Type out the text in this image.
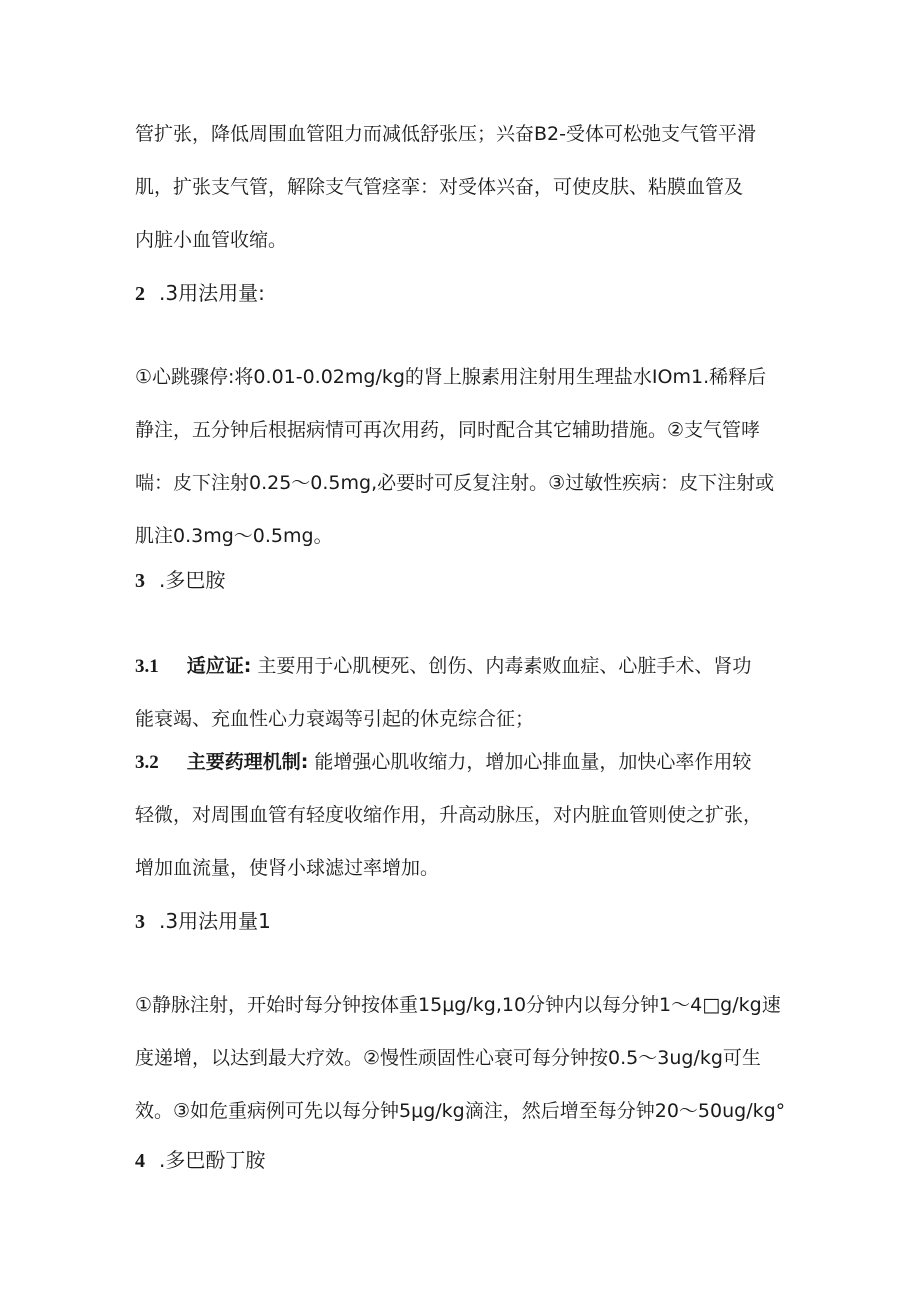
管扩张，降低周围血管阻力而减低舒张压；兴奋B2-受体可松弛支气管平滑
肌，扩张支气管，解除支气管痉挛：对受体兴奋，可使皮肤、粘膜血管及
内脏小血管收缩。
2 .3用法用量:
①心跳骤停:将0.01-0.02mg/kg的肾上腺素用注射用生理盐水IOm1.稀释后
静注，五分钟后根据病情可再次用药，同时配合其它辅助措施。②支气管哮
喘：皮下注射0.25〜0.5mg,必要时可反复注射。③过敏性疾病：皮下注射或
肌注0.3mg〜0.5mg。
3 .多巴胺
3.1 适应证: 主要用于心肌梗死、创伤、内毒素败血症、心脏手术、肾功
能衰竭、充血性心力衰竭等引起的休克综合征；
3.2 主要药理机制: 能增强心肌收缩力，增加心排血量，加快心率作用较
轻微，对周围血管有轻度收缩作用，升高动脉压，对内脏血管则使之扩张，
增加血流量，使肾小球滤过率增加。
3 .3用法用量1
①静脉注射，开始时每分钟按体重15μg∕kg,10分钟内以每分钟1〜4□g∕kg速
度递增，以达到最大疗效。②慢性顽固性心衰可每分钟按0.5〜3ug∕kg可生
效。③如危重病例可先以每分钟5μg/kg滴注，然后增至每分钟20〜50ug∕kg°
4 .多巴酚丁胺
